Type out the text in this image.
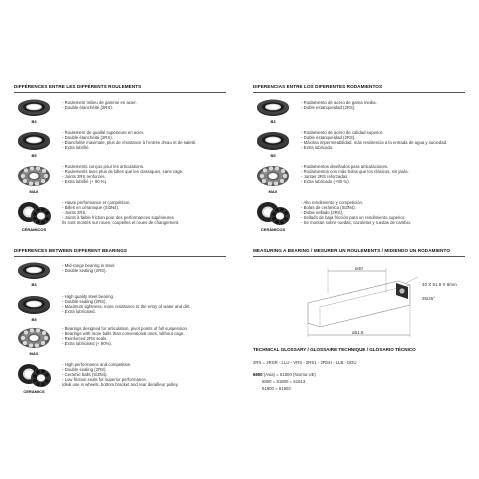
DIFFÉRENCES ENTRE LES DIFFÉRENTS ROULEMENTS
B3
- Roulement milieu de gamme en acier.
- Double étanchéité (2RS).
B5
- Roulement de qualité supérieure en acier.
- Double étanchéité (2RS).
- Étanchéité maximale, plus de résistance à l'entrée d'eau et de saleté.
- Extra lubrifié.
MAX
- Roulements conçus pour les articulations.
- Roulements avec plus de billes que les classiques, sans cage.
- Joints 2RS renforcés.
- Extra lubrifié (+ 90 %).
CÉRAMICOS
- Haute performance et compétition.
- Billes en céramique (Si3N4).
- Joints 2RS.
- Joints à faible friction pour des performances supérieures.
Ils sont montés sur roues, coupelles et roues de changement.
DIFERENCIAS ENTRE LOS DIFERENTES RODAMIENTOS
B3
- Rodamiento de acero de gama media.
- Doble estanqueidad (2RS).
B5
- Rodamiento de acero de calidad superior.
- Doble estanqueidad (2RS).
- Máxima impermeabilidad, más resistencia a la entrada de agua y suciedad.
- Extra lubricado.
MAX
- Rodamientos diseñados para articulaciones.
- Rodamientos con más bolas que los clásicos, sin jaula.
- Juntas 2RS reforzadas.
- Extra lubricado (+90 %).
CERÁMICOS
- Alto rendimiento y competición.
- Bolas de cerámica (Si3N4).
- Doble sellado (2RS).
- Sellado de baja fricción para un rendimiento superior.
- Se montan sobre ruedas, cazoletas y ruedas de cambio.
DIFFERENCES BETWEEN DIFFERENT BEARINGS
B3
- Mid-range bearing in steel.
- Double sealing (2RS).
B5
- High quality steel bearing.
- Double sealing (2RS).
- Maximum tightness, more resistance to the entry of water and dirt.
- Extra lubricated.
MAX
- Bearings designed for articulation, pivot points of full suspension
- Bearings with more balls than conventional ones, without cage.
- Reinforced 2RS seals.
- Extra lubricated (+ 90%).
CERAMICS
- High performance and competition.
- Double sealing (2RS).
- Ceramic balls (Si3N4).
- Low friction seals for superior performance.
Ideal use in wheels, bottom bracket and rear derailleur pulley.
MEASURING A BEARING / MESURER UN ROULEMENTS / MIDIENDO UN RODAMIENTO
ø40
ø51.8
40 X 51.8 X 8mm
36/45°
TECHNICAL GLOSSARY / GLOSSAIRE TECHNIQUE / GLOSARIO TÉCNICO
2RS = 2RSR - LLU - VRS - 2RS1 - 2RSH - LLB - DDU
6800 (Asia) = 61800 (Norma UE)
6800 = 61800 = 61613
61900 = 61903
